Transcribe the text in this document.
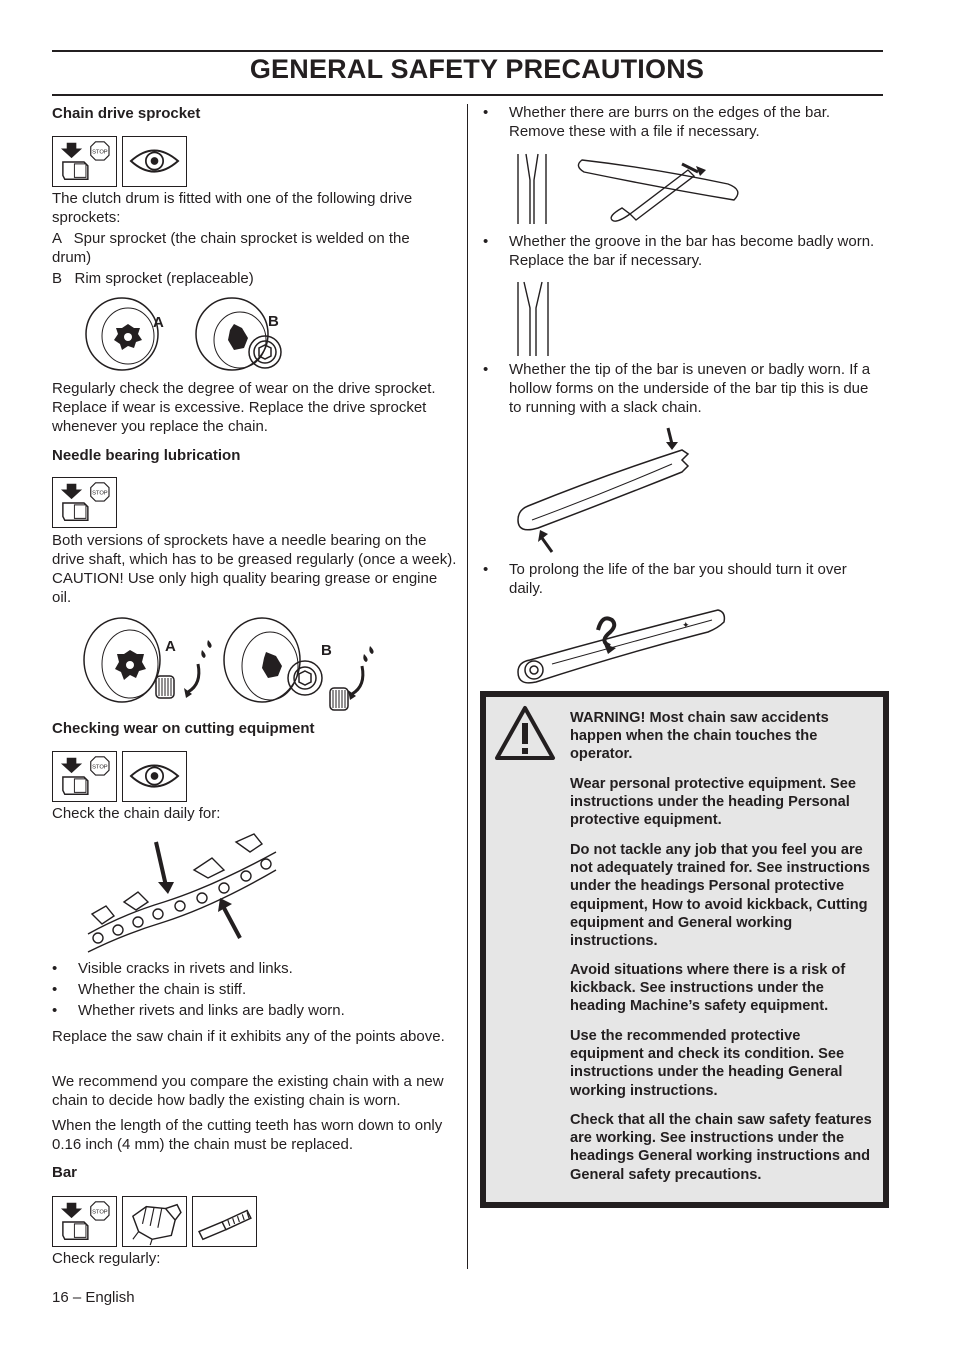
GENERAL SAFETY PRECAUTIONS

Chain drive sprocket

STOP

The clutch drum is fitted with one of the following drive sprockets:

A   Spur sprocket (the chain sprocket is welded on the drum)

B   Rim sprocket (replaceable)

A	B

Regularly check the degree of wear on the drive sprocket. Replace if wear is excessive. Replace the drive sprocket whenever you replace the chain.

Needle bearing lubrication

STOP

Both versions of sprockets have a needle bearing on the drive shaft, which has to be greased regularly (once a week). CAUTION! Use only high quality bearing grease or engine oil.

A	B

Checking wear on cutting equipment

STOP

Check the chain daily for:

• Visible cracks in rivets and links.
• Whether the chain is stiff.
• Whether rivets and links are badly worn.

Replace the saw chain if it exhibits any of the points above.

We recommend you compare the existing chain with a new chain to decide how badly the existing chain is worn.

When the length of the cutting teeth has worn down to only 0.16 inch (4 mm) the chain must be replaced.

Bar

STOP

Check regularly:

• Whether there are burrs on the edges of the bar. Remove these with a file if necessary.
• Whether the groove in the bar has become badly worn. Replace the bar if necessary.
• Whether the tip of the bar is uneven or badly worn. If a hollow forms on the underside of the bar tip this is due to running with a slack chain.
• To prolong the life of the bar you should turn it over daily.
✦

WARNING! Most chain saw accidents happen when the chain touches the operator.

Wear personal protective equipment. See instructions under the heading Personal protective equipment.

Do not tackle any job that you feel you are not adequately trained for. See instructions under the headings Personal protective equipment, How to avoid kickback, Cutting equipment and General working instructions.

Avoid situations where there is a risk of kickback. See instructions under the heading Machine’s safety equipment.

Use the recommended protective equipment and check its condition. See instructions under the heading General working instructions.

Check that all the chain saw safety features are working. See instructions under the headings General working instructions and General safety precautions.

16 – English
